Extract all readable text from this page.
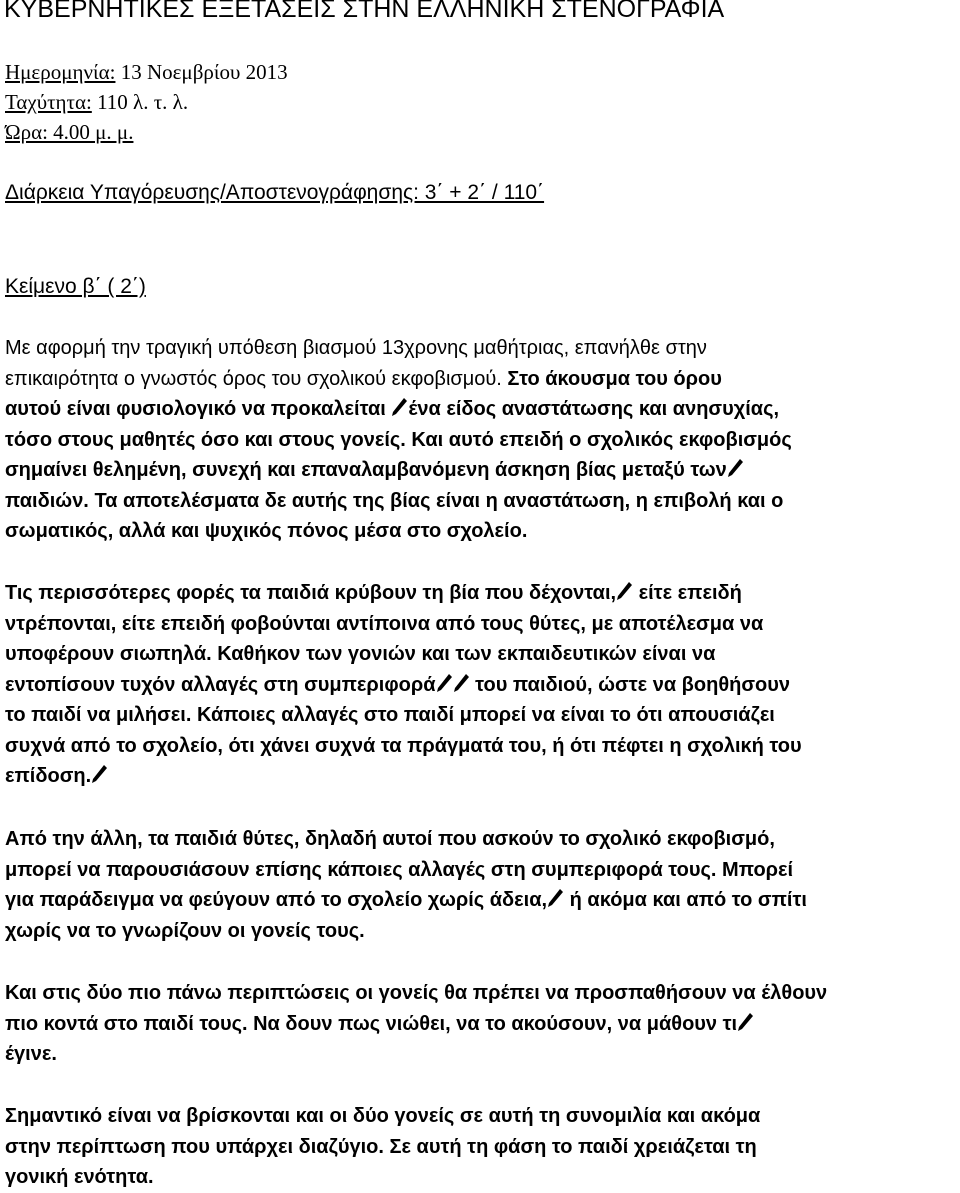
ΚΥΒΕΡΝΗΤΙΚΕΣ ΕΞΕΤΑΣΕΙΣ ΣΤΗΝ ΕΛΛΗΝΙΚΗ ΣΤΕΝΟΓΡΑΦΙΑ
Ημερομηνία: 13 Νοεμβρίου 2013
Ταχύτητα: 110 λ. τ. λ.
Ώρα: 4.00 μ. μ.
Διάρκεια Υπαγόρευσης/Αποστενογράφησης: 3΄ + 2΄ / 110΄
Κείμενο β΄ ( 2΄)
Με αφορμή την τραγική υπόθεση βιασμού 13χρονης μαθήτριας, επανήλθε στην
επικαιρότητα ο γνωστός όρος του σχολικού εκφοβισμού. Στο άκουσμα του όρου
αυτού είναι φυσιολογικό να προκαλείται
ένα είδος αναστάτωσης και ανησυχίας,
τόσο στους μαθητές όσο και στους γονείς. Και αυτό επειδή ο σχολικός εκφοβισμός
σημαίνει θελημένη, συνεχή και επαναλαμβανόμενη άσκηση βίας μεταξύ των
παιδιών. Τα αποτελέσματα δε αυτής της βίας είναι η αναστάτωση, η επιβολή και ο
σωματικός, αλλά και ψυχικός πόνος μέσα στο σχολείο.
Τις περισσότερες φορές τα παιδιά κρύβουν τη βία που δέχονται,
είτε επειδή
ντρέπονται, είτε επειδή φοβούνται αντίποινα από τους θύτες, με αποτέλεσμα να
υποφέρουν σιωπηλά. Καθήκον των γονιών και των εκπαιδευτικών είναι να
εντοπίσουν τυχόν αλλαγές στη συμπεριφορά
του παιδιού, ώστε να βοηθήσουν
το παιδί να μιλήσει. Κάποιες αλλαγές στο παιδί μπορεί να είναι το ότι απουσιάζει
συχνά από το σχολείο, ότι χάνει συχνά τα πράγματά του, ή ότι πέφτει η σχολική του
επίδοση.
Από την άλλη, τα παιδιά θύτες, δηλαδή αυτοί που ασκούν το σχολικό εκφοβισμό,
μπορεί να παρουσιάσουν επίσης κάποιες αλλαγές στη συμπεριφορά τους. Μπορεί
για παράδειγμα να φεύγουν από το σχολείο χωρίς άδεια,
ή ακόμα και από το σπίτι
χωρίς να το γνωρίζουν οι γονείς τους.
Και στις δύο πιο πάνω περιπτώσεις οι γονείς θα πρέπει να προσπαθήσουν να έλθουν
πιο κοντά στο παιδί τους. Να δουν πως νιώθει, να το ακούσουν, να μάθουν τι
έγινε.
Σημαντικό είναι να βρίσκονται και οι δύο γονείς σε αυτή τη συνομιλία και ακόμα
στην περίπτωση που υπάρχει διαζύγιο. Σε αυτή τη φάση το παιδί χρειάζεται τη
γονική ενότητα.
